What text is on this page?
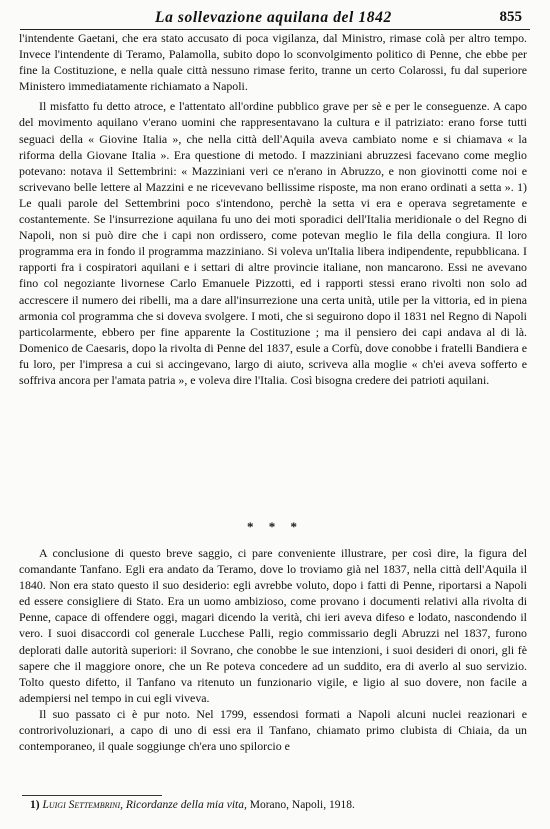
La sollevazione aquilana del 1842	855

l'intendente Gaetani, che era stato accusato di poca vigilanza, dal Ministro, rimase colà per altro tempo. Invece l'intendente di Teramo, Palamolla, subito dopo lo sconvolgimento politico di Penne, che ebbe per fine la Costituzione, e nella quale città nessuno rimase ferito, tranne un certo Colarossi, fu dal superiore Ministero immediatamente richiamato a Napoli.

Il misfatto fu detto atroce, e l'attentato all'ordine pubblico grave per sè e per le conseguenze. A capo del movimento aquilano v'erano uomini che rappresentavano la cultura e il patriziato: erano forse tutti seguaci della « Giovine Italia », che nella città dell'Aquila aveva cambiato nome e si chiamava « la riforma della Giovane Italia ». Era questione di metodo. I mazziniani abruzzesi facevano come meglio potevano: notava il Settembrini: « Mazziniani veri ce n'erano in Abruzzo, e non giovinotti come noi e scrivevano belle lettere al Mazzini e ne ricevevano bellissime risposte, ma non erano ordinati a setta ». 1) Le quali parole del Settembrini poco s'intendono, perchè la setta vi era e operava segretamente e costantemente. Se l'insurrezione aquilana fu uno dei moti sporadici dell'Italia meridionale o del Regno di Napoli, non si può dire che i capi non ordissero, come potevan meglio le fila della congiura. Il loro programma era in fondo il programma mazziniano. Si voleva un'Italia libera indipendente, repubblicana. I rapporti fra i cospiratori aquilani e i settari di altre provincie italiane, non mancarono. Essi ne avevano fino col negoziante livornese Carlo Emanuele Pizzotti, ed i rapporti stessi erano rivolti non solo ad accrescere il numero dei ribelli, ma a dare all'insurrezione una certa unità, utile per la vittoria, ed in piena armonia col programma che si doveva svolgere. I moti, che si seguirono dopo il 1831 nel Regno di Napoli particolarmente, ebbero per fine apparente la Costituzione ; ma il pensiero dei capi andava al di là. Domenico de Caesaris, dopo la rivolta di Penne del 1837, esule a Corfù, dove conobbe i fratelli Bandiera e fu loro, per l'impresa a cui si accingevano, largo di aiuto, scriveva alla moglie « ch'ei aveva sofferto e soffriva ancora per l'amata patria », e voleva dire l'Italia. Così bisogna credere dei patrioti aquilani.

* * *

A conclusione di questo breve saggio, ci pare conveniente illustrare, per così dire, la figura del comandante Tanfano. Egli era andato da Teramo, dove lo troviamo già nel 1837, nella città dell'Aquila il 1840. Non era stato questo il suo desiderio: egli avrebbe voluto, dopo i fatti di Penne, riportarsi a Napoli ed essere consigliere di Stato. Era un uomo ambizioso, come provano i documenti relativi alla rivolta di Penne, capace di offendere oggi, magari dicendo la verità, chi ieri aveva difeso e lodato, nascondendo il vero. I suoi disaccordi col generale Lucchese Palli, regio commissario degli Abruzzi nel 1837, furono deplorati dalle autorità superiori: il Sovrano, che conobbe le sue intenzioni, i suoi desideri di onori, gli fè sapere che il maggiore onore, che un Re poteva concedere ad un suddito, era di averlo al suo servizio. Tolto questo difetto, il Tanfano va ritenuto un funzionario vigile, e ligio al suo dovere, non facile a adempiersi nel tempo in cui egli viveva.

Il suo passato ci è pur noto. Nel 1799, essendosi formati a Napoli alcuni nuclei reazionari e controrivoluzionari, a capo di uno di essi era il Tanfano, chiamato primo clubista di Chiaia, da un contemporaneo, il quale soggiunge ch'era uno spilorcio e

1) Luigi Settembrini, Ricordanze della mia vita, Morano, Napoli, 1918.
